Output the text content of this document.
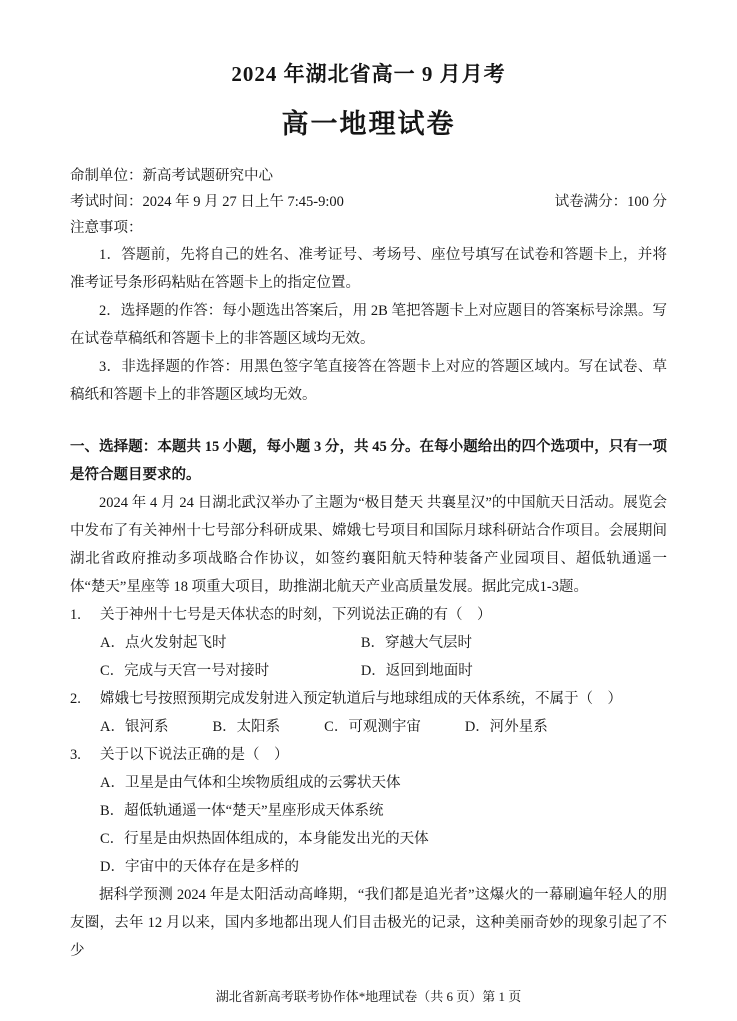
2024 年湖北省高一 9 月月考
高一地理试卷
命制单位：新高考试题研究中心
考试时间：2024 年 9 月 27 日上午 7:45-9:00	试卷满分：100 分
注意事项：

1．答题前，先将自己的姓名、准考证号、考场号、座位号填写在试卷和答题卡上，并将准考证号条形码粘贴在答题卡上的指定位置。

2．选择题的作答：每小题选出答案后，用 2B 笔把答题卡上对应题目的答案标号涂黑。写在试卷草稿纸和答题卡上的非答题区域均无效。

3．非选择题的作答：用黑色签字笔直接答在答题卡上对应的答题区域内。写在试卷、草稿纸和答题卡上的非答题区域均无效。

一、选择题：本题共 15 小题，每小题 3 分，共 45 分。在每小题给出的四个选项中，只有一项是符合题目要求的。
2024 年 4 月 24 日湖北武汉举办了主题为“极目楚天 共襄星汉”的中国航天日活动。展览会中发布了有关神州十七号部分科研成果、嫦娥七号项目和国际月球科研站合作项目。会展期间湖北省政府推动多项战略合作协议，如签约襄阳航天特种装备产业园项目、超低轨通遥一体“楚天”星座等 18 项重大项目，助推湖北航天产业高质量发展。据此完成1-3题。
1.	关于神州十七号是天体状态的时刻，下列说法正确的有（　）
A．点火发射起飞时	B．穿越大气层时
C．完成与天宫一号对接时	D．返回到地面时
2.	嫦娥七号按照预期完成发射进入预定轨道后与地球组成的天体系统，不属于（　）
A．银河系	B．太阳系	C．可观测宇宙	D．河外星系
3.	关于以下说法正确的是（　）
A．卫星是由气体和尘埃物质组成的云雾状天体
B．超低轨通遥一体“楚天”星座形成天体系统
C．行星是由炽热固体组成的，本身能发出光的天体
D．宇宙中的天体存在是多样的
据科学预测 2024 年是太阳活动高峰期，“我们都是追光者”这爆火的一幕刷遍年轻人的朋友圈，去年 12 月以来，国内多地都出现人们目击极光的记录，这种美丽奇妙的现象引起了不少
湖北省新高考联考协作体*地理试卷（共 6 页）第 1 页
